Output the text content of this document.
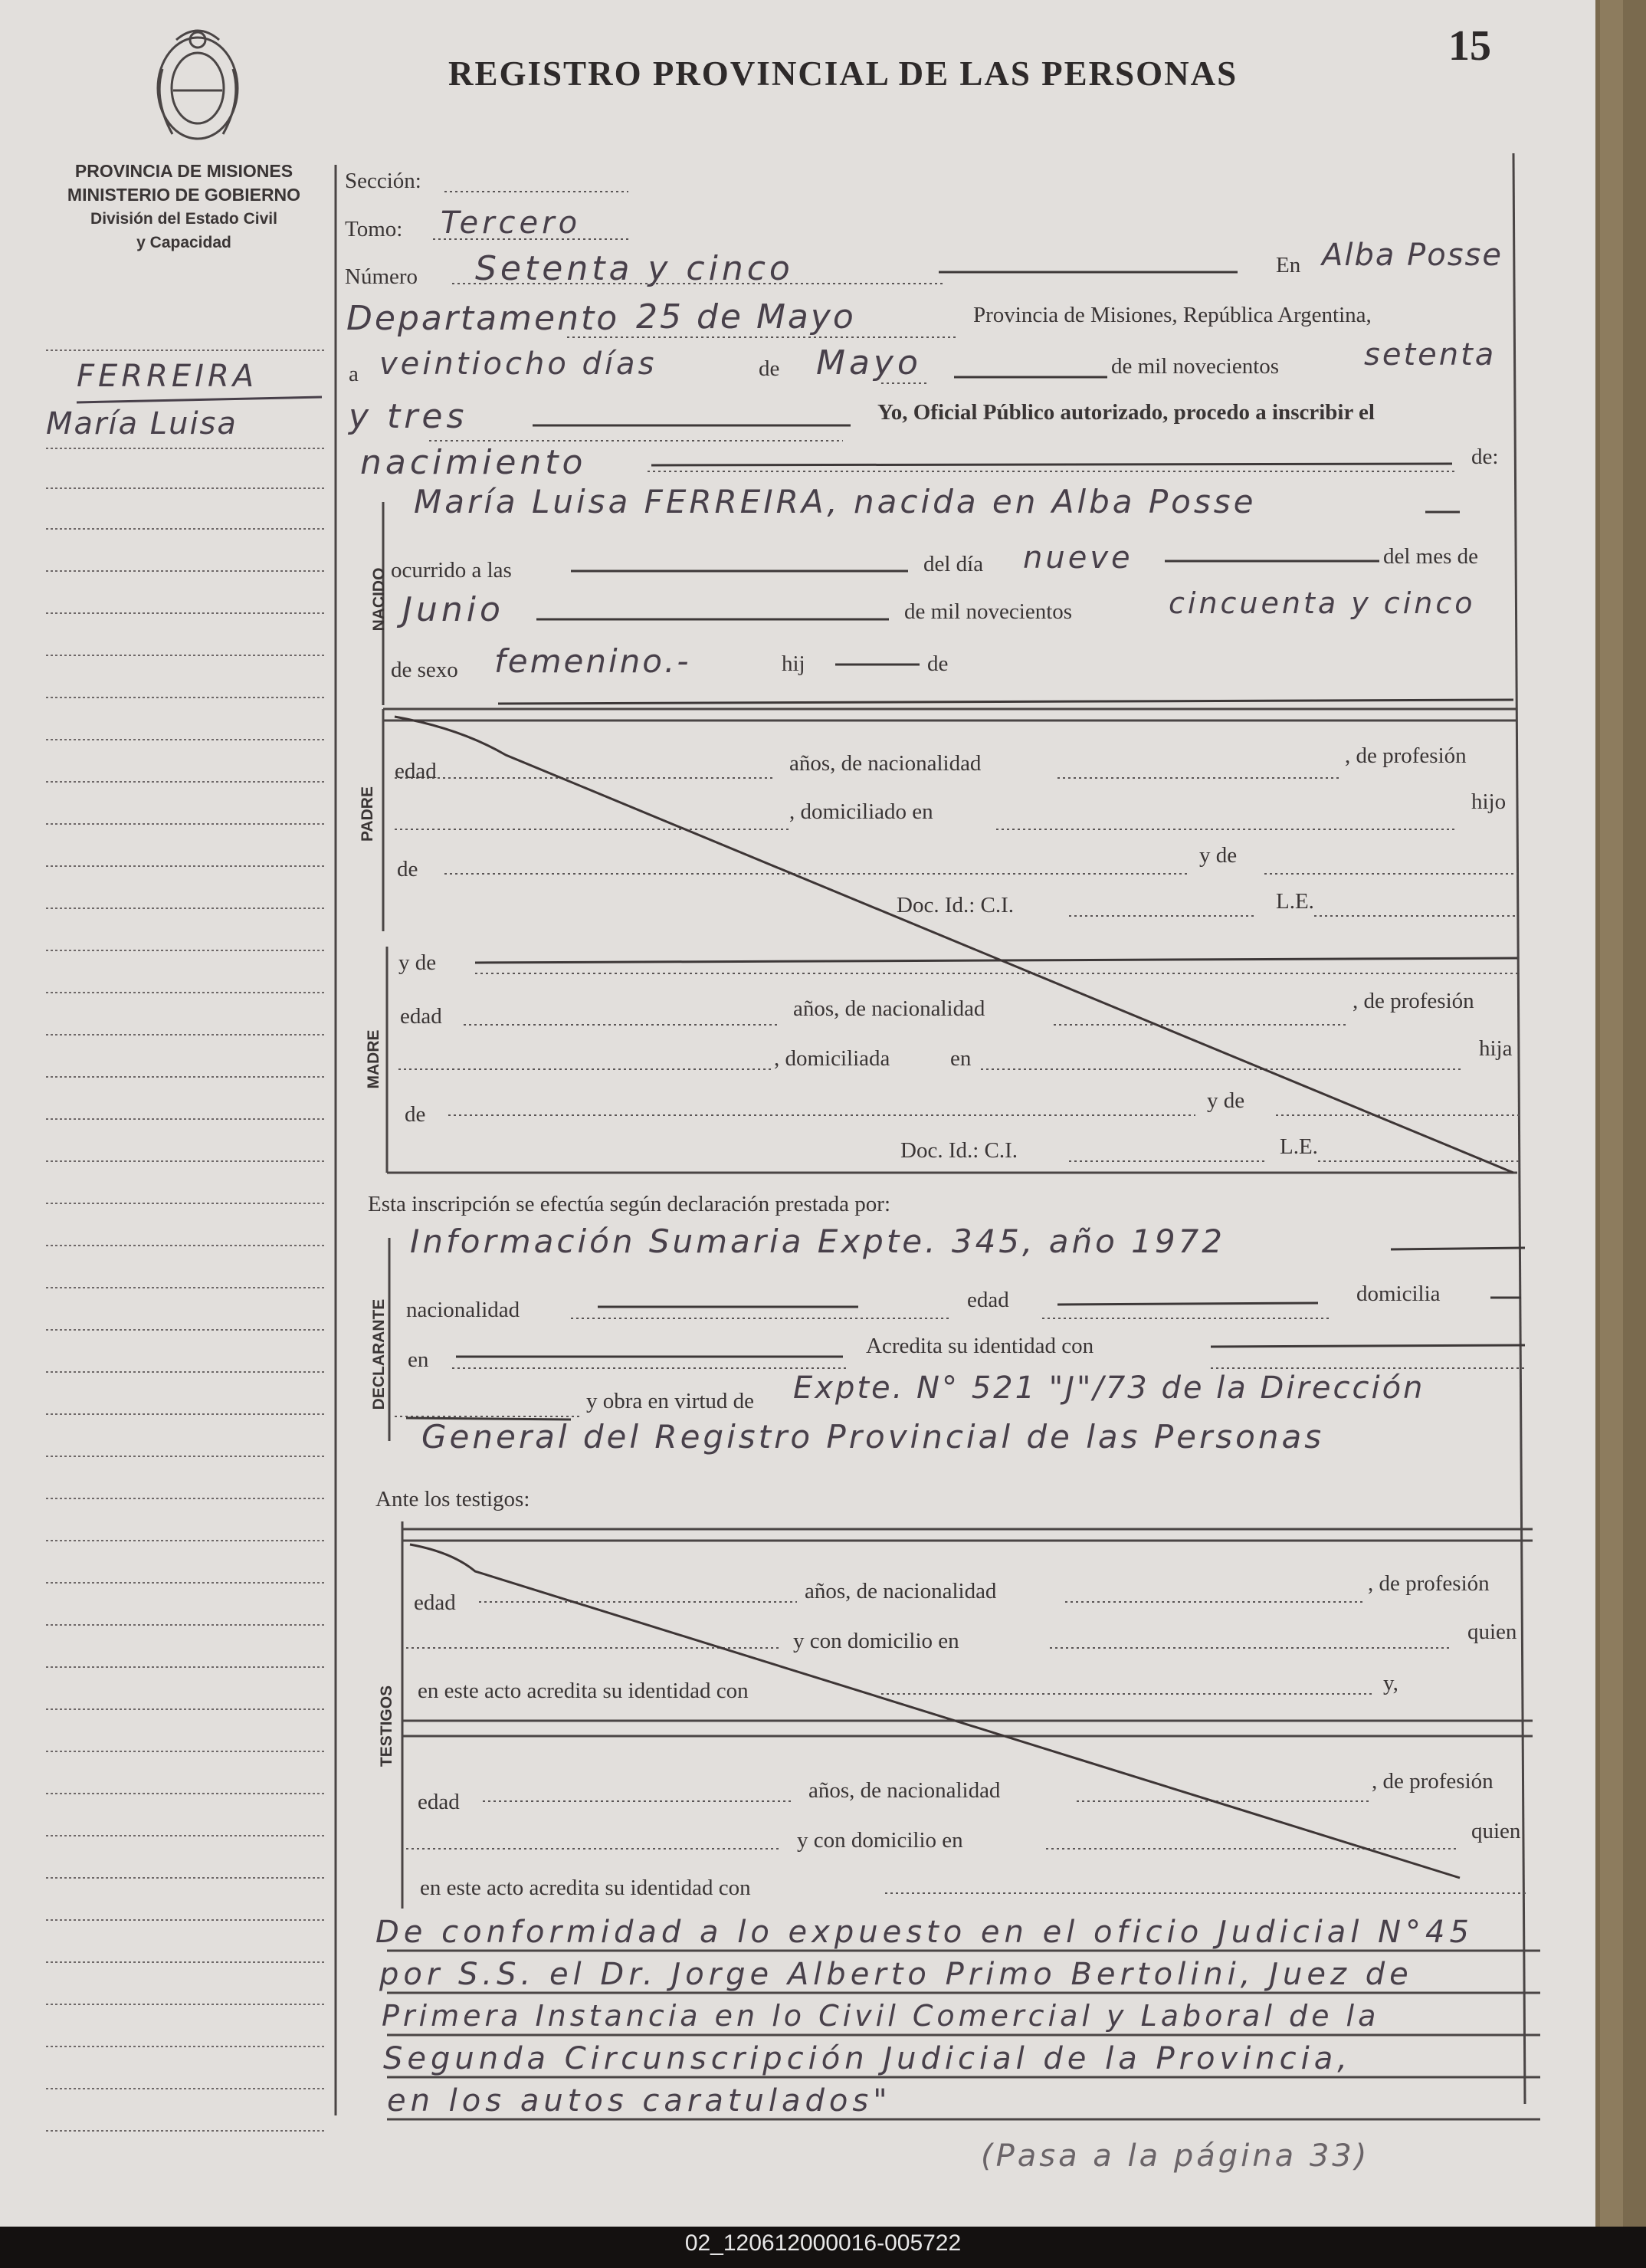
15
REGISTRO PROVINCIAL DE LAS PERSONAS
PROVINCIA DE MISIONES
MINISTERIO DE GOBIERNO
División del Estado Civil
y Capacidad
FERREIRA
María Luisa
Sección:
Tomo: Tercero
Número Setenta y cinco	En Alba Posse
Departamento 25 de Mayo	Provincia de Misiones, República Argentina,
a veintiocho días	de Mayo	de mil novecientos	setenta
y tres	Yo, Oficial Público autorizado, procedo a inscribir el
nacimiento	de:
NACIDO
María Luisa FERREIRA, nacida en Alba Posse
ocurrido a las	del día nueve	del mes de
Junio	de mil novecientos	cincuenta y cinco
de sexo femenino.-	hij	de
PADRE
edad	años, de nacionalidad	, de profesión
, domiciliado en	hijo
de
y de
Doc. Id.: C.I.	L.E.
MADRE
y de
edad	años, de nacionalidad	, de profesión
, domiciliada	en	hija
de
y de
Doc. Id.: C.I.	L.E.
Esta inscripción se efectúa según declaración prestada por:
DECLARANTE
Información Sumaria Expte. 345, año 1972
nacionalidad	edad	domicilia
en
Acredita su identidad con
y obra en virtud de Expte. N° 521 "J"/73 de la Dirección
General del Registro Provincial de las Personas
Ante los testigos:
TESTIGOS
edad	años, de nacionalidad	, de profesión
y con domicilio en	quien
en este acto acredita su identidad con	y,
edad	años, de nacionalidad	, de profesión
y con domicilio en	quien
en este acto acredita su identidad con
De conformidad a lo expuesto en el oficio Judicial N°45
por S.S. el Dr. Jorge Alberto Primo Bertolini, Juez de
Primera Instancia en lo Civil Comercial y Laboral de la
Segunda Circunscripción Judicial de la Provincia,
en los autos caratulados"
(Pasa a la página 33)
02_120612000016-005722
